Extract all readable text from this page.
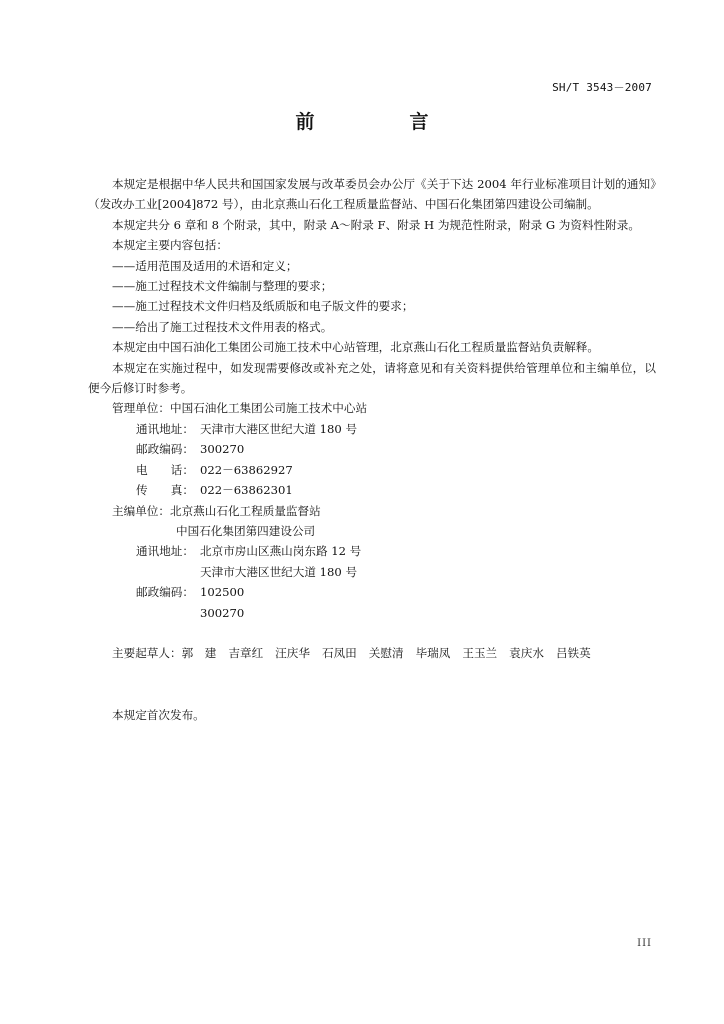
SH/T 3543－2007
前	言

本规定是根据中华人民共和国国家发展与改革委员会办公厅《关于下达 2004 年行业标准项目计划的通知》（发改办工业[2004]872 号），由北京燕山石化工程质量监督站、中国石化集团第四建设公司编制。

本规定共分 6 章和 8 个附录，其中，附录 A～附录 F、附录 H 为规范性附录，附录 G 为资料性附录。

本规定主要内容包括：

——适用范围及适用的术语和定义；

——施工过程技术文件编制与整理的要求；

——施工过程技术文件归档及纸质版和电子版文件的要求；

——给出了施工过程技术文件用表的格式。

本规定由中国石油化工集团公司施工技术中心站管理，北京燕山石化工程质量监督站负责解释。

本规定在实施过程中，如发现需要修改或补充之处，请将意见和有关资料提供给管理单位和主编单位，以便今后修订时参考。

管理单位：中国石油化工集团公司施工技术中心站

通讯地址： 天津市大港区世纪大道 180 号

邮政编码： 300270

电　　话： 022－63862927

传　　真： 022－63862301

主编单位：北京燕山石化工程质量监督站

中国石化集团第四建设公司

通讯地址： 北京市房山区燕山岗东路 12 号

天津市大港区世纪大道 180 号

邮政编码： 102500

300270

主要起草人：郭　建 吉章红 汪庆华 石凤田 关慰清 毕瑞凤 王玉兰 袁庆水 吕铁英

本规定首次发布。

III
